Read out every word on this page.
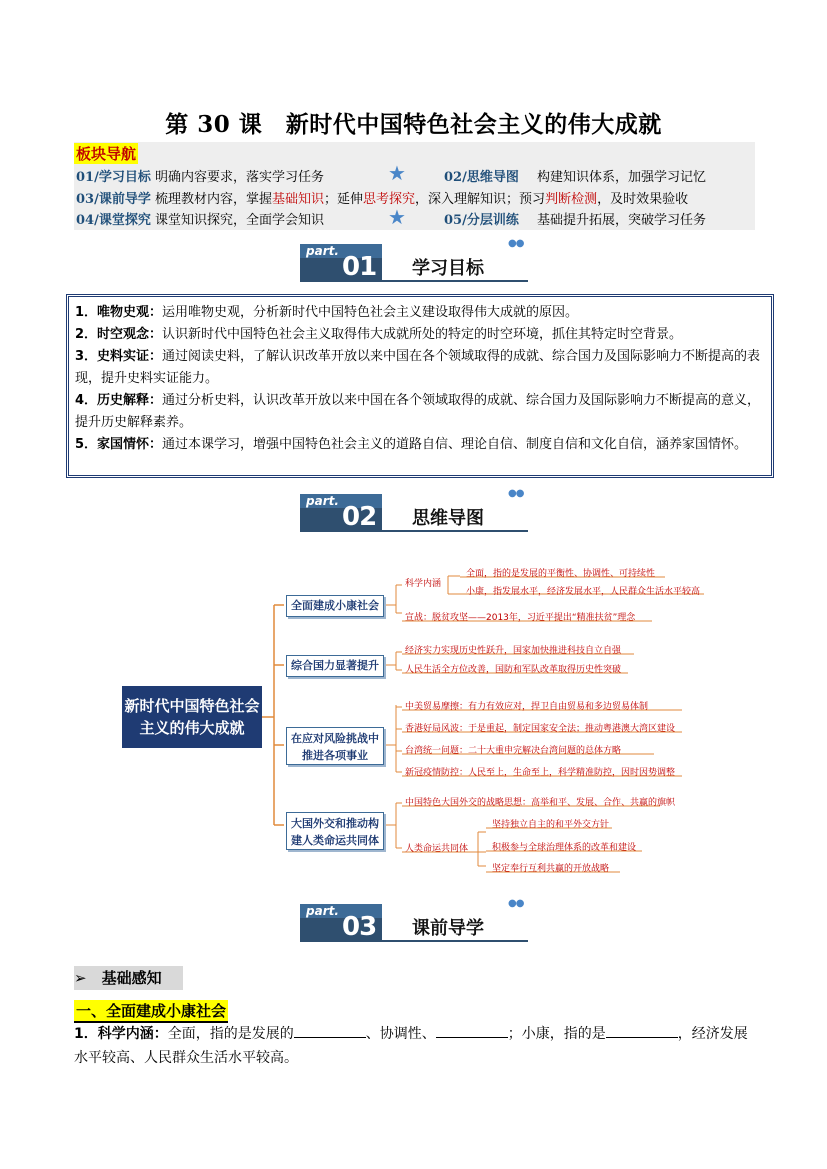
第 30 课　新时代中国特色社会主义的伟大成就
板块导航
01/学习目标 明确内容要求，落实学习任务	★	02/思维导图 构建知识体系，加强学习记忆
03/课前导学 梳理教材内容，掌握基础知识；延伸思考探究，深入理解知识；预习判断检测，及时效果验收
04/课堂探究 课堂知识探究，全面学会知识	★	05/分层训练 基础提升拓展，突破学习任务
part.
01 学习目标
●●
1．唯物史观：运用唯物史观，分析新时代中国特色社会主义建设取得伟大成就的原因。
2．时空观念：认识新时代中国特色社会主义取得伟大成就所处的特定的时空环境，抓住其特定时空背景。
3．史料实证：通过阅读史料，了解认识改革开放以来中国在各个领域取得的成就、综合国力及国际影响力不断提高的表现，提升史料实证能力。
4．历史解释：通过分析史料，认识改革开放以来中国在各个领域取得的成就、综合国力及国际影响力不断提高的意义，提升历史解释素养。
5．家国情怀：通过本课学习，增强中国特色社会主义的道路自信、理论自信、制度自信和文化自信，涵养家国情怀。
part.
02 思维导图
●●
新时代中国特色社会主义的伟大成就
全面建成小康社会
综合国力显著提升
在应对风险挑战中推进各项事业
大国外交和推动构建人类命运共同体
科学内涵
全面，指的是发展的平衡性、协调性、可持续性
小康，指发展水平，经济发展水平，人民群众生活水平较高
宣战：脱贫攻坚——2013年，习近平提出“精准扶贫”理念
经济实力实现历史性跃升，国家加快推进科技自立自强
人民生活全方位改善，国防和军队改革取得历史性突破
中美贸易摩擦：有力有效应对，捍卫自由贸易和多边贸易体制
香港好局风波：于是重起，制定国家安全法；推动粤港澳大湾区建设
台湾统一问题：二十大重申完解决台湾问题的总体方略
新冠疫情防控：人民至上，生命至上，科学精准防控，因时因势调整
中国特色大国外交的战略思想：高举和平、发展、合作、共赢的旗帜
坚持独立自主的和平外交方针
人类命运共同体	积极参与全球治理体系的改革和建设
坚定奉行互利共赢的开放战略
part.
03 课前导学
●●
➢　基础感知
一、全面建成小康社会
1．科学内涵：全面，指的是发展的	、协调性、	；小康，指的是	，经济发展水平较高、人民群众生活水平较高。
